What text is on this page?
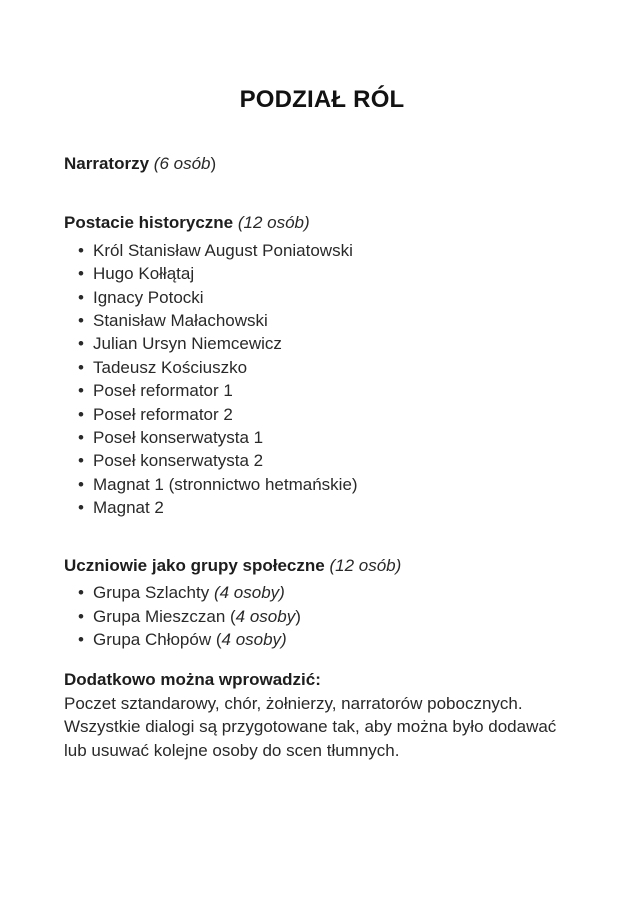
PODZIAŁ RÓL
Narratorzy (6 osób)
Postacie historyczne (12 osób)
• Król Stanisław August Poniatowski
• Hugo Kołłątaj
• Ignacy Potocki
• Stanisław Małachowski
• Julian Ursyn Niemcewicz
• Tadeusz Kościuszko
• Poseł reformator 1
• Poseł reformator 2
• Poseł konserwatysta 1
• Poseł konserwatysta 2
• Magnat 1 (stronnictwo hetmańskie)
• Magnat 2
Uczniowie jako grupy społeczne (12 osób)
• Grupa Szlachty (4 osoby)
• Grupa Mieszczan (4 osoby)
• Grupa Chłopów (4 osoby)
Dodatkowo można wprowadzić:
Poczet sztandarowy, chór, żołnierzy, narratorów pobocznych.
Wszystkie dialogi są przygotowane tak, aby można było dodawać
lub usuwać kolejne osoby do scen tłumnych.
